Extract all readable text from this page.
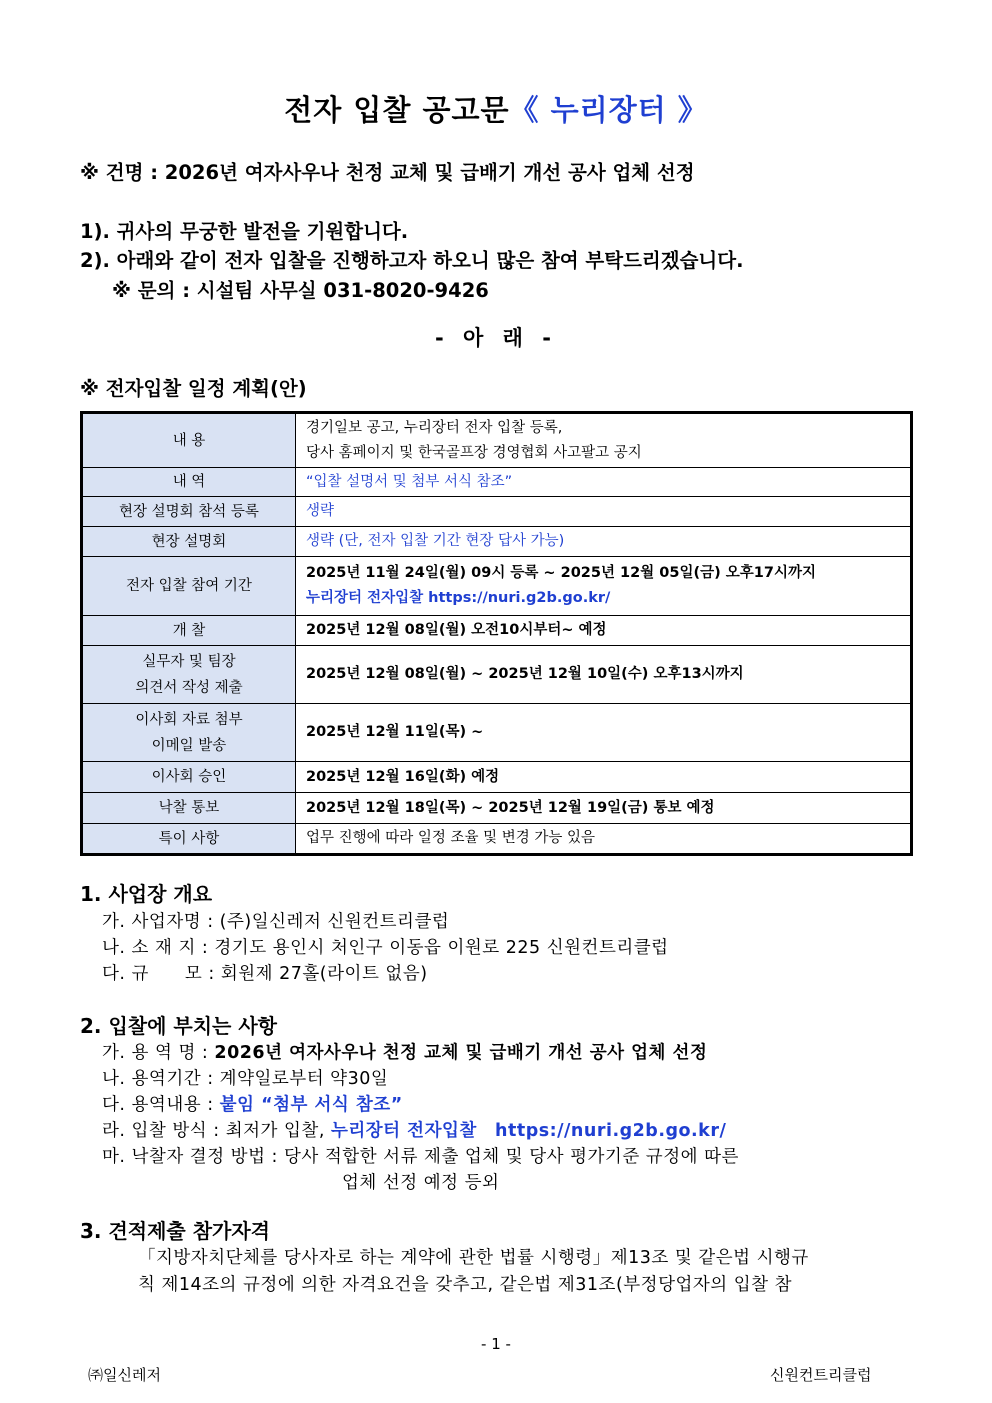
전자 입찰 공고문《 누리장터 》
※ 건명 : 2026년 여자사우나 천정 교체 및 급배기 개선 공사 업체 선정
1). 귀사의 무궁한 발전을 기원합니다.
2). 아래와 같이 전자 입찰을 진행하고자 하오니 많은 참여 부탁드리겠습니다.
※ 문의 : 시설팀 사무실 031-8020-9426
- 아 래 -
※ 전자입찰 일정 계획(안)
내 용	경기일보 공고, 누리장터 전자 입찰 등록,
당사 홈페이지 및 한국골프장 경영협회 사고팔고 공지

내 역	“입찰 설명서 및 첨부 서식 참조”

현장 설명회 참석 등록	생략

현장 설명회	생략 (단, 전자 입찰 기간 현장 답사 가능)

전자 입찰 참여 기간	2025년 11월 24일(월) 09시 등록 ~ 2025년 12월 05일(금) 오후17시까지
누리장터 전자입찰 https://nuri.g2b.go.kr/

개 찰	2025년 12월 08일(월) 오전10시부터~ 예정

실무자 및 팀장
의견서 작성 제출	2025년 12월 08일(월) ~ 2025년 12월 10일(수) 오후13시까지

이사회 자료 첨부
이메일 발송	2025년 12월 11일(목) ~

이사회 승인	2025년 12월 16일(화) 예정

낙찰 통보	2025년 12월 18일(목) ~ 2025년 12월 19일(금) 통보 예정

특이 사항	업무 진행에 따라 일정 조율 및 변경 가능 있음
1. 사업장 개요
가. 사업자명 : (주)일신레저 신원컨트리클럽
나. 소 재 지 : 경기도 용인시 처인구 이동읍 이원로 225 신원컨트리클럽
다. 규　　모 : 회원제 27홀(라이트 없음)
2. 입찰에 부치는 사항
가. 용 역 명 : 2026년 여자사우나 천정 교체 및 급배기 개선 공사 업체 선정
나. 용역기간 : 계약일로부터 약30일
다. 용역내용 : 붙임 “첨부 서식 참조”
라. 입찰 방식 : 최저가 입찰, 누리장터 전자입찰 https://nuri.g2b.go.kr/
마. 낙찰자 결정 방법 : 당사 적합한 서류 제출 업체 및 당사 평가기준 규정에 따른
업체 선정 예정 등외
3. 견적제출 참가자격
「지방자치단체를 당사자로 하는 계약에 관한 법률 시행령」제13조 및 같은법 시행규
칙 제14조의 규정에 의한 자격요건을 갖추고, 같은법 제31조(부정당업자의 입찰 참
- 1 -
㈜일신레저	신원컨트리클럽
